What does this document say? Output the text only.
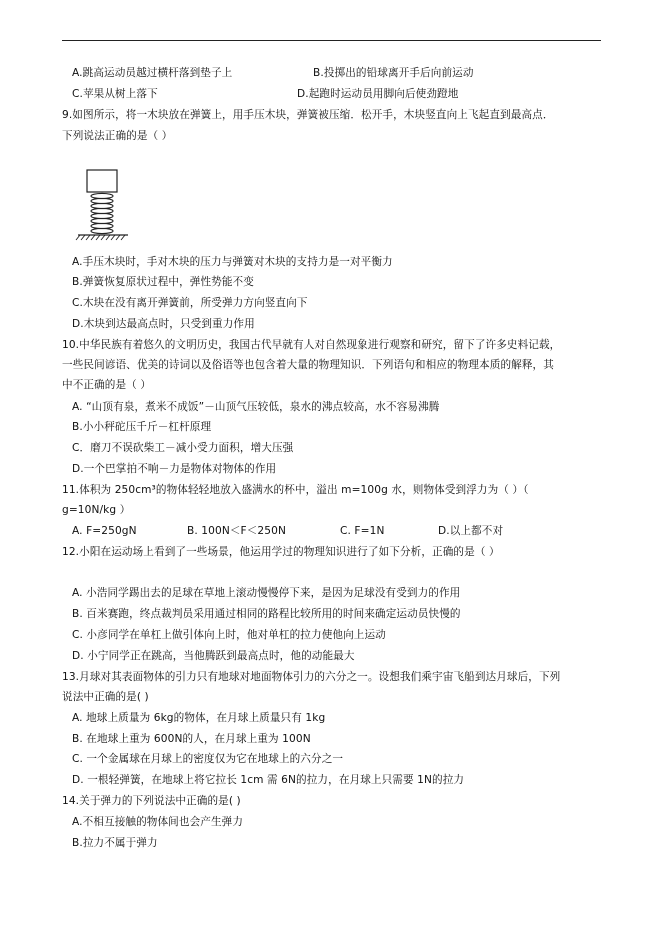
A.跳高运动员越过横杆落到垫子上	B.投掷出的铅球离开手后向前运动
C.苹果从树上落下	D.起跑时运动员用脚向后使劲蹬地
9.如图所示，将一木块放在弹簧上，用手压木块，弹簧被压缩．松开手，木块竖直向上飞起直到最高点．
下列说法正确的是（ ）
A.手压木块时，手对木块的压力与弹簧对木块的支持力是一对平衡力
B.弹簧恢复原状过程中，弹性势能不变
C.木块在没有离开弹簧前，所受弹力方向竖直向下
D.木块到达最高点时，只受到重力作用
10.中华民族有着悠久的文明历史，我国古代早就有人对自然现象进行观察和研究，留下了许多史料记载，
一些民间谚语、优美的诗词以及俗语等也包含着大量的物理知识．下列语句和相应的物理本质的解释，其
中不正确的是（ ）
A. “山顶有泉，煮米不成饭”－山顶气压较低，泉水的沸点较高，水不容易沸腾
B.小小秤砣压千斤－杠杆原理
C．磨刀不误砍柴工－减小受力面积，增大压强
D.一个巴掌拍不响－力是物体对物体的作用
11.体积为 250cm³的物体轻轻地放入盛满水的杯中，溢出 m=100g 水，则物体受到浮力为（ ）（
g=10N/kg ）
A. F=250gN	B. 100N＜F＜250N	C. F=1N	D.以上都不对
12.小阳在运动场上看到了一些场景，他运用学过的物理知识进行了如下分析，正确的是（ ）
A. 小浩同学踢出去的足球在草地上滚动慢慢停下来，是因为足球没有受到力的作用
B. 百米赛跑，终点裁判员采用通过相同的路程比较所用的时间来确定运动员快慢的
C. 小彦同学在单杠上做引体向上时，他对单杠的拉力使他向上运动
D. 小宁同学正在跳高，当他腾跃到最高点时，他的动能最大
13.月球对其表面物体的引力只有地球对地面物体引力的六分之一。设想我们乘宇宙飞船到达月球后，下列
说法中正确的是( )
A. 地球上质量为 6kg的物体，在月球上质量只有 1kg
B. 在地球上重为 600N的人，在月球上重为 100N
C. 一个金属球在月球上的密度仅为它在地球上的六分之一
D. 一根轻弹簧，在地球上将它拉长 1cm 需 6N的拉力，在月球上只需要 1N的拉力
14.关于弹力的下列说法中正确的是( )
A.不相互接触的物体间也会产生弹力
B.拉力不属于弹力
